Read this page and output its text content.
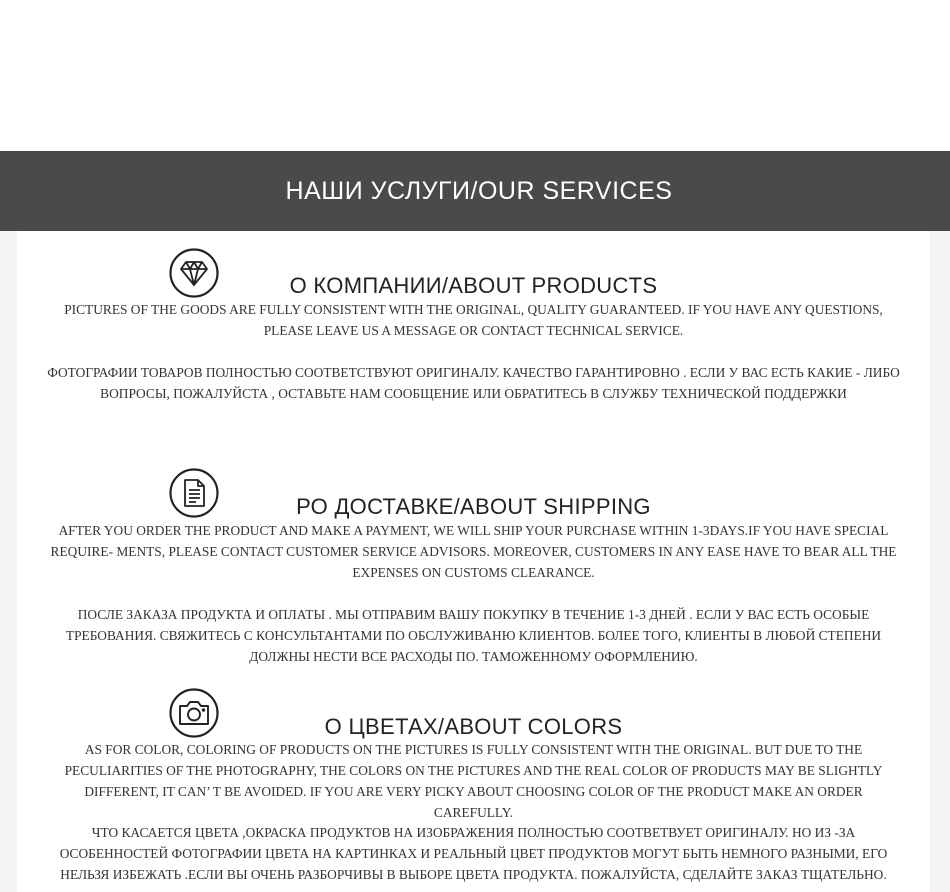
НАШИ УСЛУГИ/OUR SERVICES
О КОМПАНИИ/ABOUT PRODUCTS
PICTURES OF THE GOODS ARE FULLY CONSISTENT WITH THE ORIGINAL, QUALITY GUARANTEED. IF YOU HAVE ANY QUESTIONS, PLEASE LEAVE US A MESSAGE OR CONTACT TECHNICAL SERVICE.
ФОТОГРАФИИ ТОВАРОВ ПОЛНОСТЬЮ СООТВЕТСТВУЮТ ОРИГИНАЛУ. КАЧЕСТВО ГАРАНТИРОВНО . ЕСЛИ У ВАС ЕСТЬ КАКИЕ - ЛИБО ВОПРОСЫ, ПОЖАЛУЙСТА , ОСТАВЬТЕ НАМ СООБЩЕНИЕ ИЛИ ОБРАТИТЕСЬ В СЛУЖБУ ТЕХНИЧЕСКОЙ ПОДДЕРЖКИ
РО ДОСТАВКЕ/ABOUT SHIPPING
AFTER YOU ORDER THE PRODUCT AND MAKE A PAYMENT, WE WILL SHIP YOUR PURCHASE WITHIN 1-3DAYS.IF YOU HAVE SPECIAL REQUIRE- MENTS, PLEASE CONTACT CUSTOMER SERVICE ADVISORS. MOREOVER, CUSTOMERS IN ANY EASE HAVE TO BEAR ALL THE EXPENSES ON CUSTOMS CLEARANCE.
ПОСЛЕ ЗАКАЗА ПРОДУКТА И ОПЛАТЫ . МЫ ОТПРАВИМ ВАШУ ПОКУПКУ В ТЕЧЕНИЕ 1-3 ДНЕЙ . ЕСЛИ У ВАС ЕСТЬ ОСОБЫЕ ТРЕБОВАНИЯ. СВЯЖИТЕСЬ С КОНСУЛЬТАНТАМИ ПО ОБСЛУЖИВАНЮ КЛИЕНТОВ. БОЛЕЕ ТОГО, КЛИЕНТЫ В ЛЮБОЙ СТЕПЕНИ ДОЛЖНЫ НЕСТИ ВСЕ РАСХОДЫ ПО. ТАМОЖЕННОМУ ОФОРМЛЕНИЮ.
О ЦВЕТАХ/ABOUT COLORS
AS FOR COLOR, COLORING OF PRODUCTS ON THE PICTURES IS FULLY CONSISTENT WITH THE ORIGINAL. BUT DUE TO THE PECULIARITIES OF THE PHOTOGRAPHY, THE COLORS ON THE PICTURES AND THE REAL COLOR OF PRODUCTS MAY BE SLIGHTLY DIFFERENT, IT CAN’ T BE AVOIDED. IF YOU ARE VERY PICKY ABOUT CHOOSING COLOR OF THE PRODUCT MAKE AN ORDER CAREFULLY.
ЧТО КАСАЕТСЯ ЦВЕТА ,ОКРАСКА ПРОДУКТОВ НА ИЗОБРАЖЕНИЯ ПОЛНОСТЬЮ СООТВЕТВУЕТ ОРИГИНАЛУ. НО ИЗ -ЗА ОСОБЕННОСТЕЙ ФОТОГРАФИИ ЦВЕТА НА КАРТИНКАХ И РЕАЛЬНЫЙ ЦВЕТ ПРОДУКТОВ МОГУТ БЫТЬ НЕМНОГО РАЗНЫМИ, ЕГО НЕЛЬЗЯ ИЗБЕЖАТЬ .ЕСЛИ ВЫ ОЧЕНЬ РАЗБОРЧИВЫ В ВЫБОРЕ ЦВЕТА ПРОДУКТА. ПОЖАЛУЙСТА, СДЕЛАЙТЕ ЗАКАЗ ТЩАТЕЛЬНО.
